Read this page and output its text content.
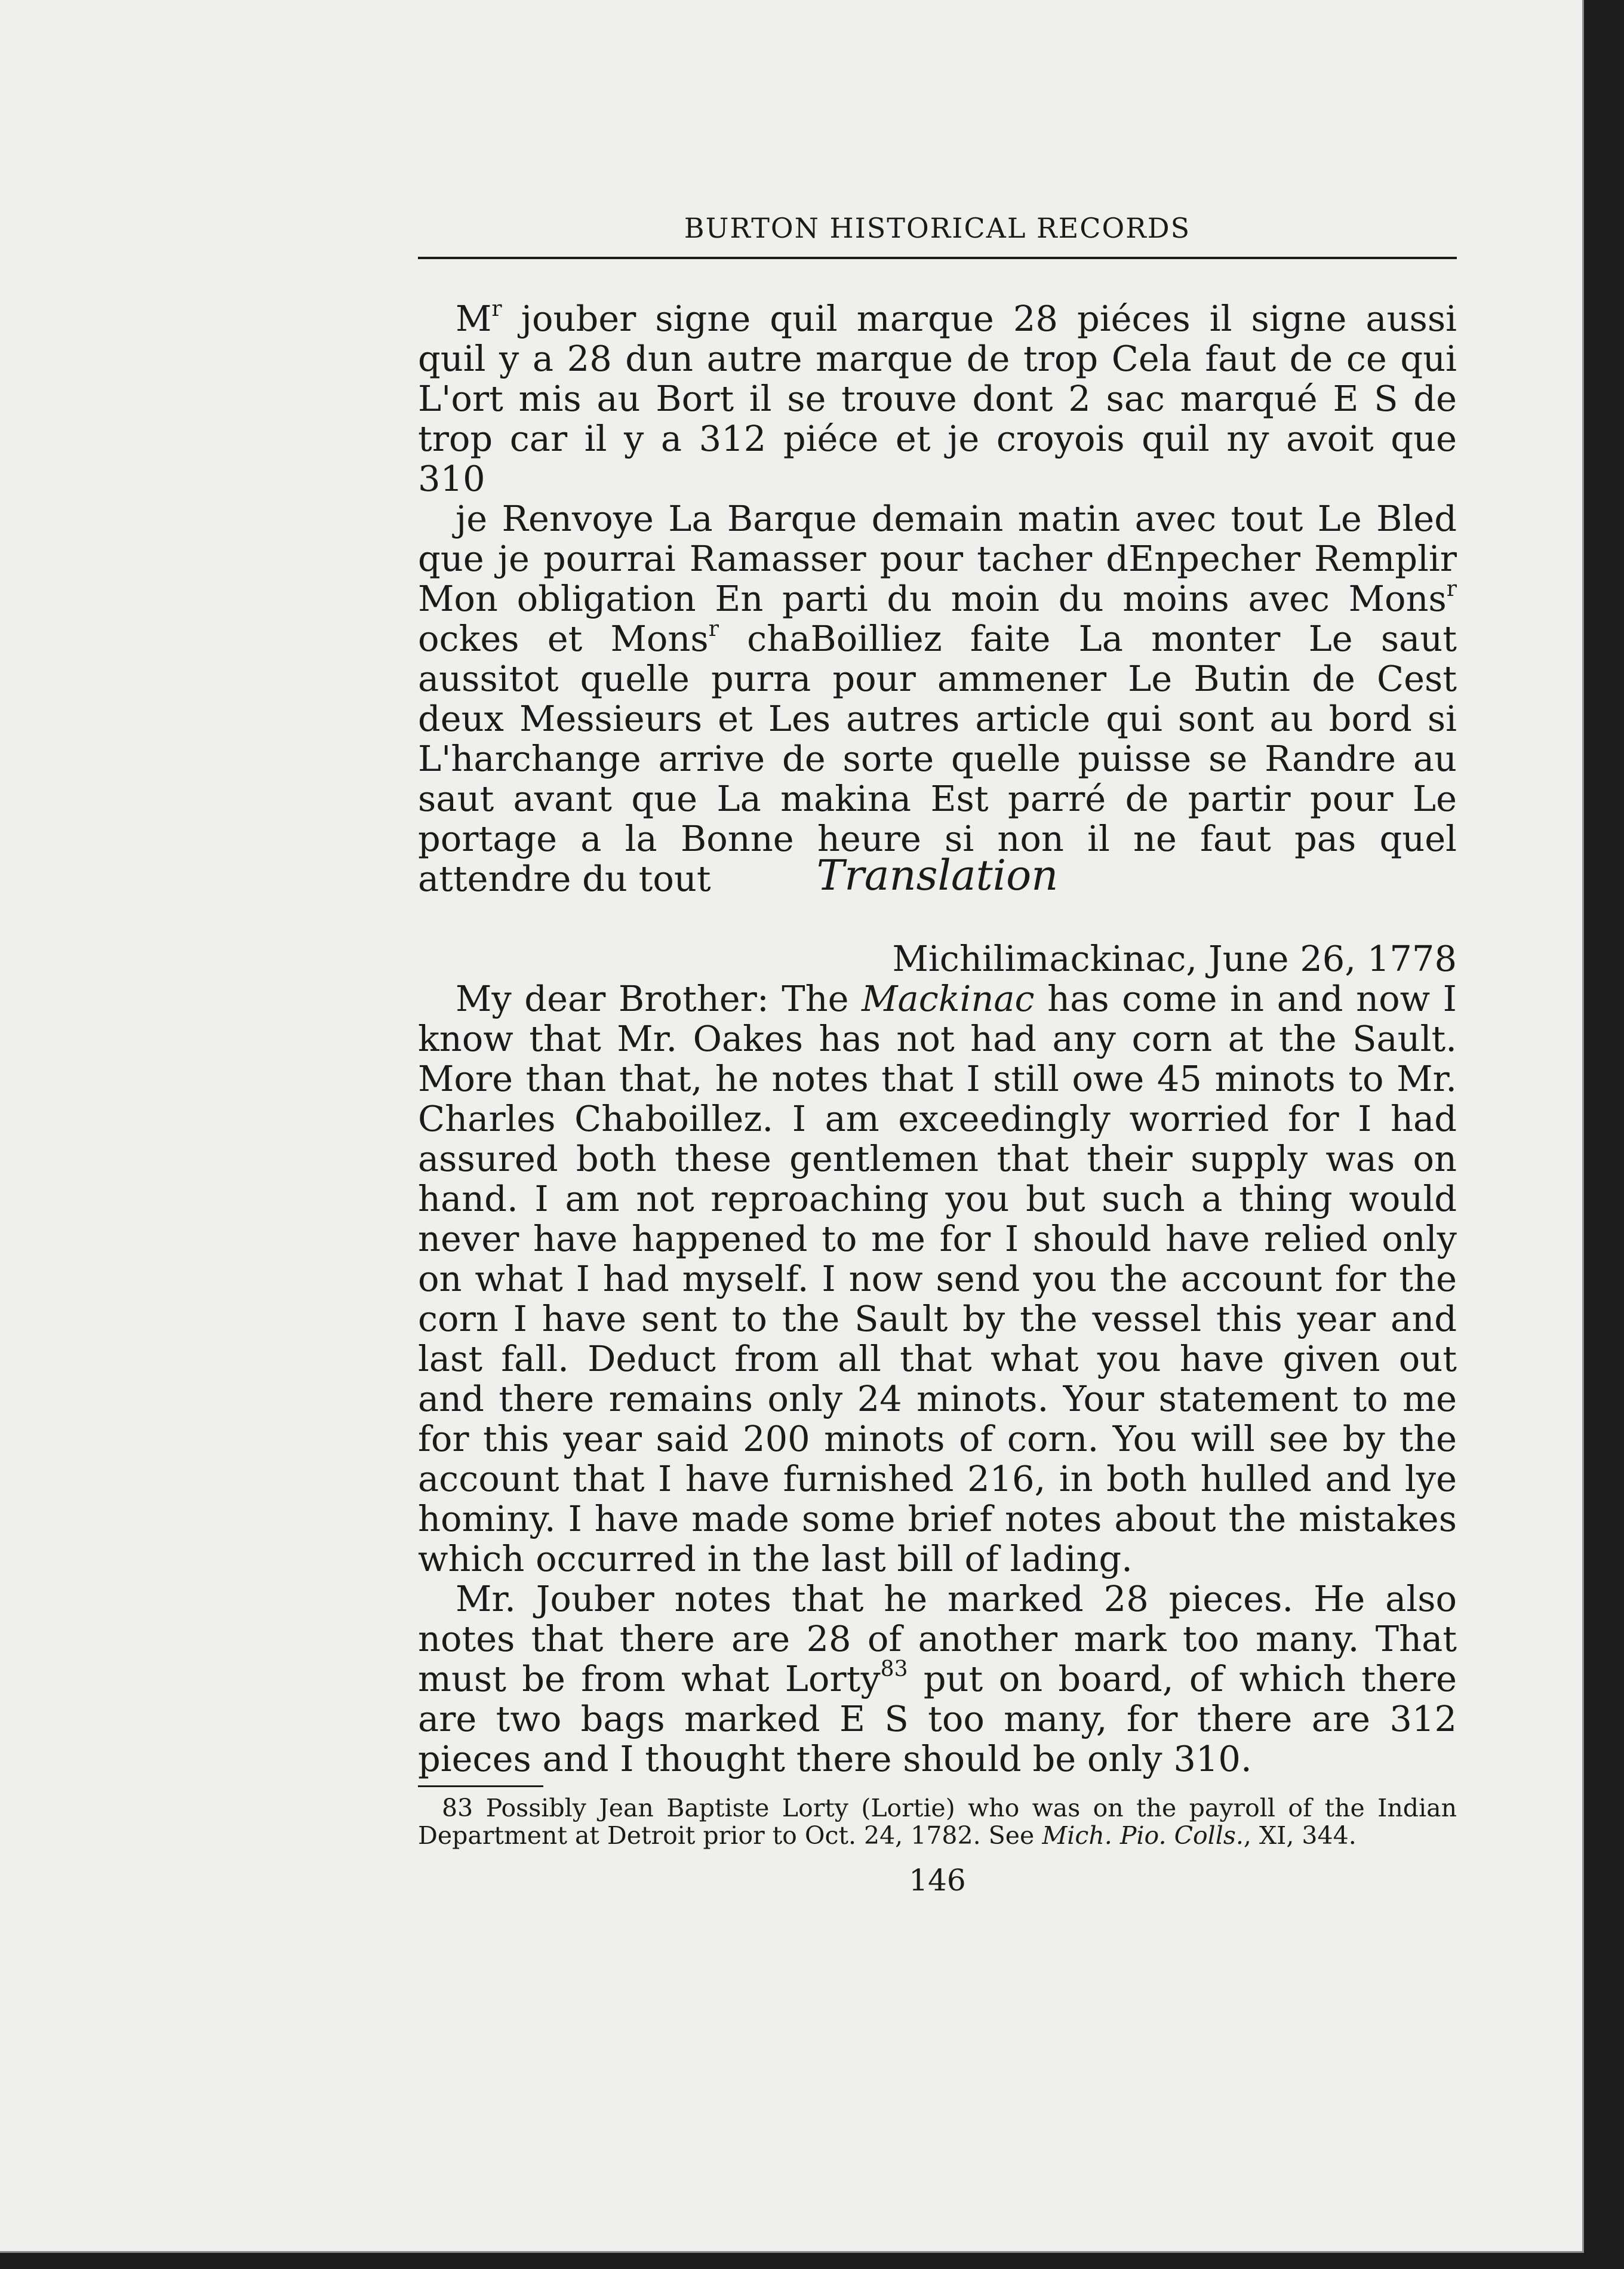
BURTON HISTORICAL RECORDS

$M^r$ jouber signe quil marque 28 piéces il signe aussi quil y a 28 dun autre marque de trop Cela faut de ce qui L'ort mis au Bort il se trouve dont 2 sac marqué E S de trop car il y a 312 piéce et je croyois quil ny avoit que 310

je Renvoye La Barque demain matin avec tout Le Bled que je pourrai Ramasser pour tacher dEnpecher Remplir Mon obligation En parti du moin du moins avec Mons$^r$ ockes et Mons$^r$ chaBoilliez faite La monter Le saut aussitot quelle purra pour ammener Le Butin de Cest deux Messieurs et Les autres article qui sont au bord si L'harchange arrive de sorte quelle puisse se Randre au saut avant que La makina Est parré de partir pour Le portage a la Bonne heure si non il ne faut pas quel attendre du tout	Translation

Michilimackinac, June 26, 1778

My dear Brother: The Mackinac has come in and now I know that Mr. Oakes has not had any corn at the Sault. More than that, he notes that I still owe 45 minots to Mr. Charles Chaboillez. I am exceedingly worried for I had assured both these gentlemen that their supply was on hand. I am not reproaching you but such a thing would never have happened to me for I should have relied only on what I had myself. I now send you the account for the corn I have sent to the Sault by the vessel this year and last fall. Deduct from all that what you have given out and there remains only 24 minots. Your statement to me for this year said 200 minots of corn. You will see by the account that I have furnished 216, in both hulled and lye hominy. I have made some brief notes about the mistakes which occurred in the last bill of lading.

Mr. Jouber notes that he marked 28 pieces. He also notes that there are 28 of another mark too many. That must be from what Lorty$^{83}$ put on board, of which there are two bags marked E S too many, for there are 312 pieces and I thought there should be only 310.

83 Possibly Jean Baptiste Lorty (Lortie) who was on the payroll of the Indian Department at Detroit prior to Oct. 24, 1782. See Mich. Pio. Colls., XI, 344.

146
